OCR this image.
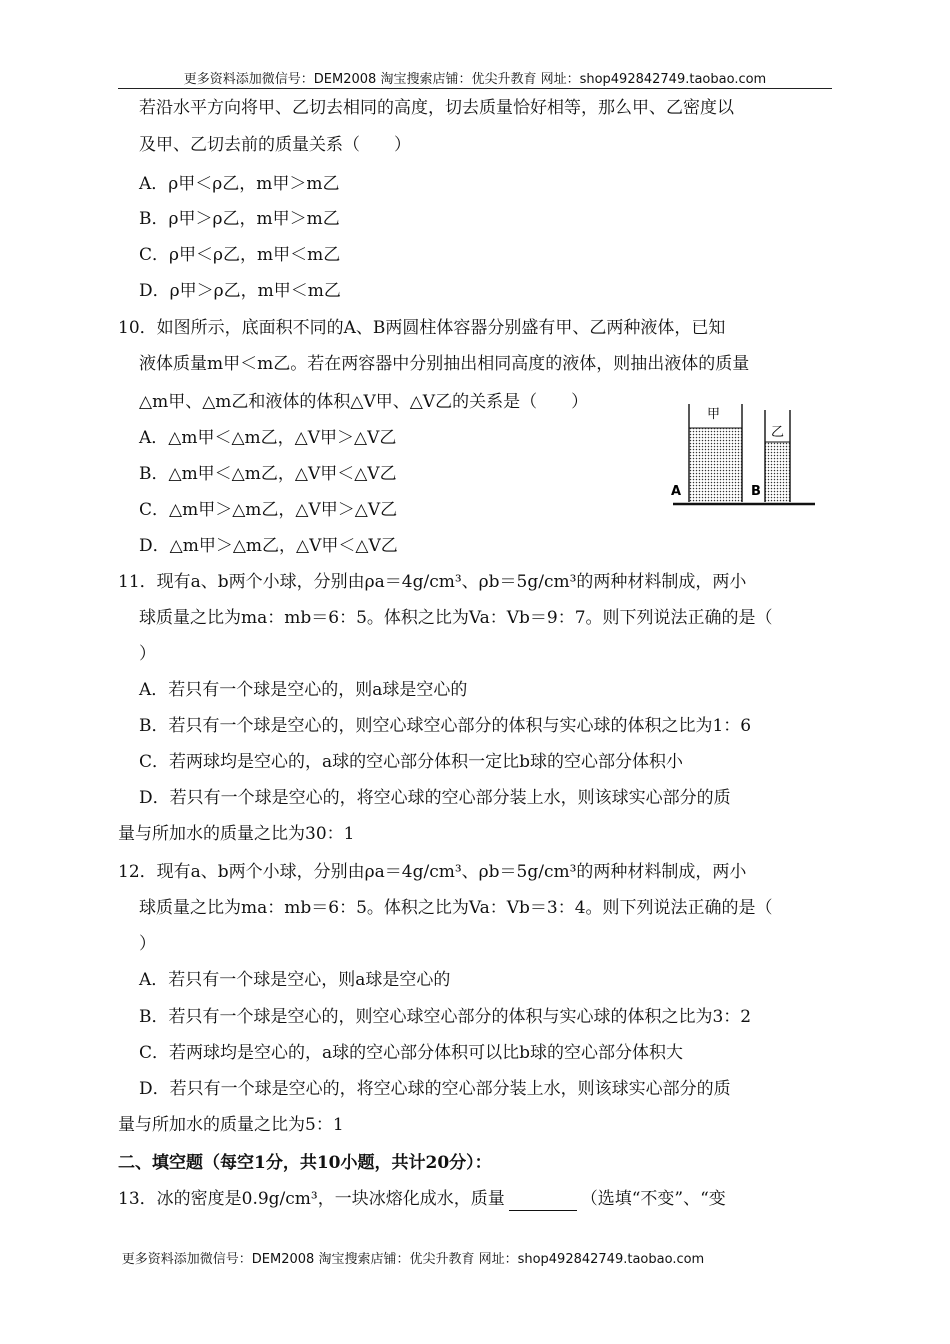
更多资料添加微信号：DEM2008 淘宝搜索店铺：优尖升教育 网址：shop492842749.taobao.com
若沿水平方向将甲、乙切去相同的高度，切去质量恰好相等，那么甲、乙密度以
及甲、乙切去前的质量关系（　　）
A．ρ甲＜ρ乙，m甲＞m乙
B．ρ甲＞ρ乙，m甲＞m乙
C．ρ甲＜ρ乙，m甲＜m乙
D．ρ甲＞ρ乙，m甲＜m乙
10．如图所示，底面积不同的A、B两圆柱体容器分别盛有甲、乙两种液体，已知
液体质量m甲＜m乙。若在两容器中分别抽出相同高度的液体，则抽出液体的质量
△m甲、△m乙和液体的体积△V甲、△V乙的关系是（　　）
A．△m甲＜△m乙，△V甲＞△V乙
B．△m甲＜△m乙，△V甲＜△V乙
C．△m甲＞△m乙，△V甲＞△V乙
D．△m甲＞△m乙，△V甲＜△V乙
甲
乙
A	B
11．现有a、b两个小球，分别由ρa＝4g/cm³、ρb＝5g/cm³的两种材料制成，两小
球质量之比为ma：mb＝6：5。体积之比为Va：Vb＝9：7。则下列说法正确的是（
）
A．若只有一个球是空心的，则a球是空心的
B．若只有一个球是空心的，则空心球空心部分的体积与实心球的体积之比为1：6
C．若两球均是空心的，a球的空心部分体积一定比b球的空心部分体积小
D．若只有一个球是空心的，将空心球的空心部分装上水，则该球实心部分的质
量与所加水的质量之比为30：1
12．现有a、b两个小球，分别由ρa＝4g/cm³、ρb＝5g/cm³的两种材料制成，两小
球质量之比为ma：mb＝6：5。体积之比为Va：Vb＝3：4。则下列说法正确的是（
）
A．若只有一个球是空心，则a球是空心的
B．若只有一个球是空心的，则空心球空心部分的体积与实心球的体积之比为3：2
C．若两球均是空心的，a球的空心部分体积可以比b球的空心部分体积大
D．若只有一个球是空心的，将空心球的空心部分装上水，则该球实心部分的质
量与所加水的质量之比为5：1
二、填空题（每空1分，共10小题，共计20分）：
13．冰的密度是0.9g/cm³，一块冰熔化成水，质量	（选填“不变”、“变
更多资料添加微信号：DEM2008 淘宝搜索店铺：优尖升教育 网址：shop492842749.taobao.com
